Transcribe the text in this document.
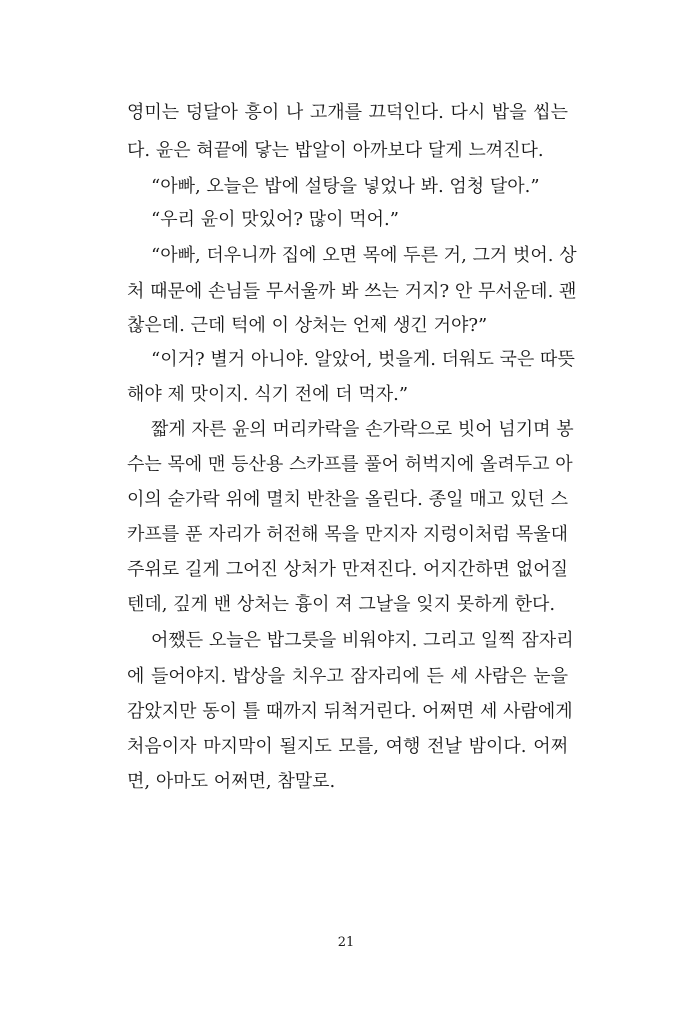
영미는 덩달아 흥이 나 고개를 끄덕인다. 다시 밥을 씹는
다. 윤은 혀끝에 닿는 밥알이 아까보다 달게 느껴진다.
“아빠, 오늘은 밥에 설탕을 넣었나 봐. 엄청 달아.”
“우리 윤이 맛있어? 많이 먹어.”
“아빠, 더우니까 집에 오면 목에 두른 거, 그거 벗어. 상
처 때문에 손님들 무서울까 봐 쓰는 거지? 안 무서운데. 괜
찮은데. 근데 턱에 이 상처는 언제 생긴 거야?”
“이거? 별거 아니야. 알았어, 벗을게. 더워도 국은 따뜻
해야 제 맛이지. 식기 전에 더 먹자.”
짧게 자른 윤의 머리카락을 손가락으로 빗어 넘기며 봉
수는 목에 맨 등산용 스카프를 풀어 허벅지에 올려두고 아
이의 숟가락 위에 멸치 반찬을 올린다. 종일 매고 있던 스
카프를 푼 자리가 허전해 목을 만지자 지렁이처럼 목울대
주위로 길게 그어진 상처가 만져진다. 어지간하면 없어질
텐데, 깊게 밴 상처는 흉이 져 그날을 잊지 못하게 한다.
어쨌든 오늘은 밥그릇을 비워야지. 그리고 일찍 잠자리
에 들어야지. 밥상을 치우고 잠자리에 든 세 사람은 눈을
감았지만 동이 틀 때까지 뒤척거린다. 어쩌면 세 사람에게
처음이자 마지막이 될지도 모를, 여행 전날 밤이다. 어쩌
면, 아마도 어쩌면, 참말로.
21
